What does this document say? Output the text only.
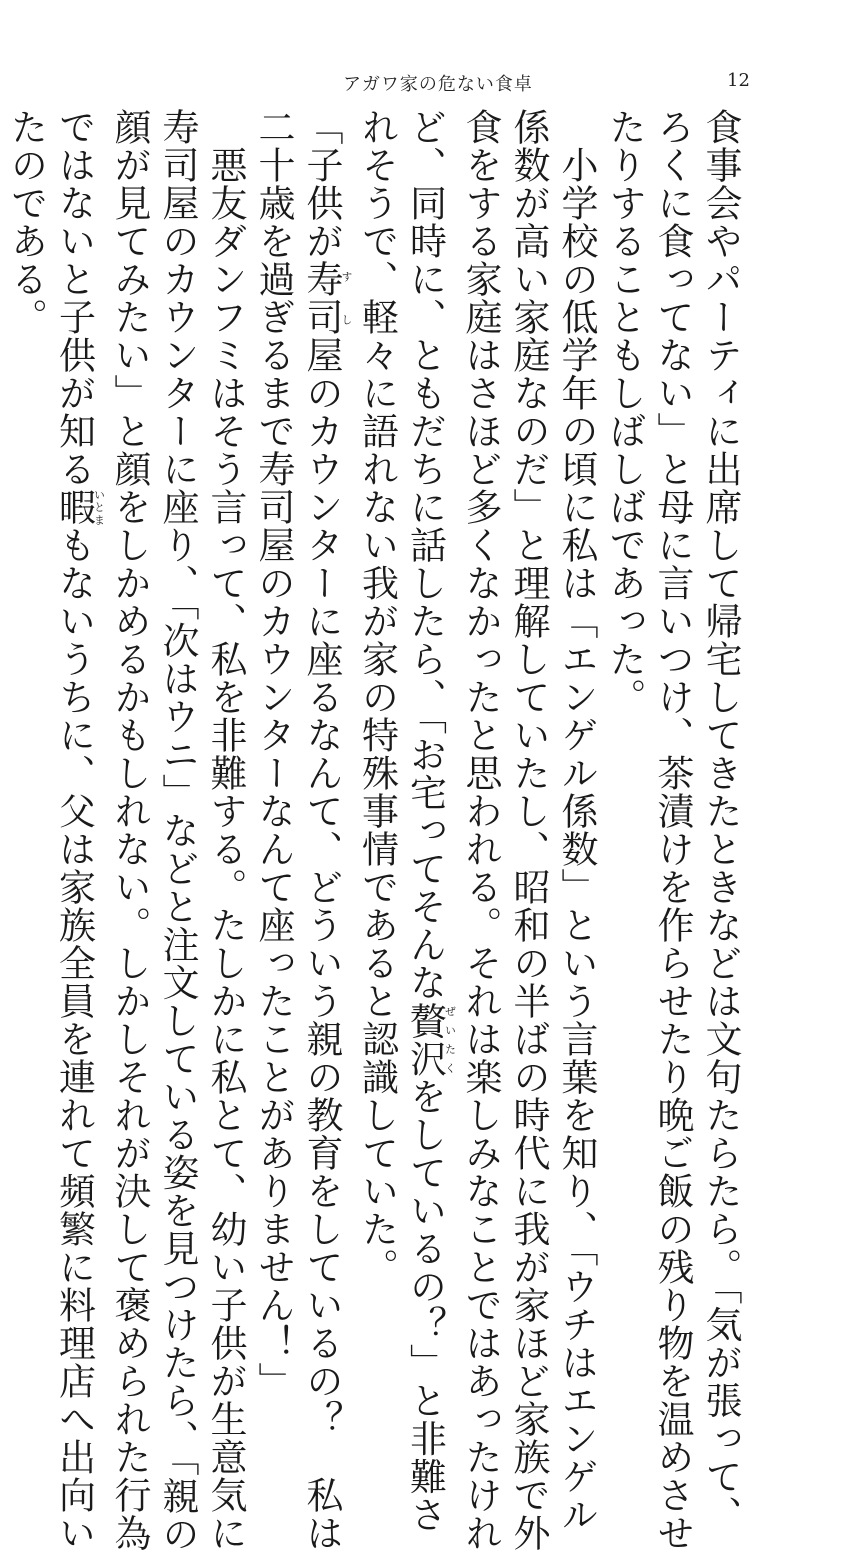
アガワ家の危ない食卓	12
食事会やパーティに出席して帰宅してきたときなどは文句たらたら。「気が張って、
ろくに食ってない」と母に言いつけ、茶漬けを作らせたり晩ご飯の残り物を温めさせ
たりすることもしばしばであった。
　小学校の低学年の頃に私は「エンゲル係数」という言葉を知り、「ウチはエンゲル
係数が高い家庭なのだ」と理解していたし、昭和の半ばの時代に我が家ほど家族で外
食をする家庭はさほど多くなかったと思われる。それは楽しみなことではあったけれ
ど、同時に、ともだちに話したら、「お宅ってそんな贅沢ぜいたくをしているの？」と非難さ
れそうで、軽々に語れない我が家の特殊事情であると認識していた。
「子供が寿司すし屋のカウンターに座るなんて、どういう親の教育をしているの？　私は
二十歳を過ぎるまで寿司屋のカウンターなんて座ったことがありません！」
　悪友ダンフミはそう言って、私を非難する。たしかに私とて、幼い子供が生意気に
寿司屋のカウンターに座り、「次はウニ」などと注文している姿を見つけたら、「親の
顔が見てみたい」と顔をしかめるかもしれない。しかしそれが決して褒められた行為
ではないと子供が知る暇いとまもないうちに、父は家族全員を連れて頻繁に料理店へ出向い
たのである。
